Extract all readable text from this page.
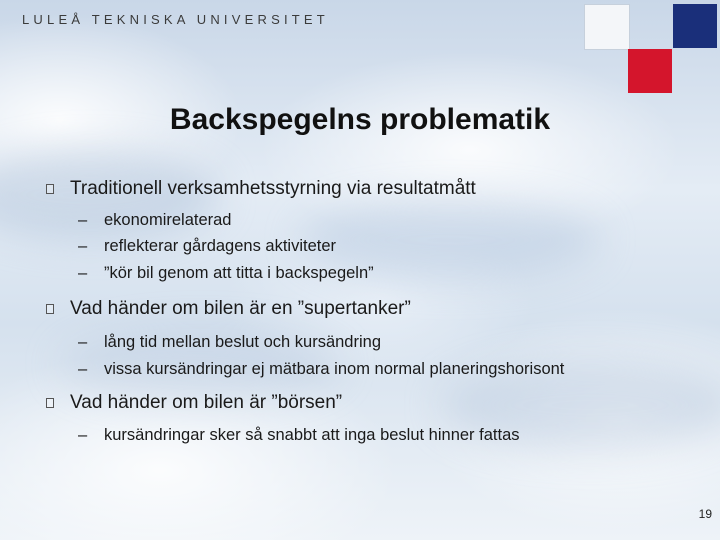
LULEÅ TEKNISKA UNIVERSITET
Backspegelns problematik
Traditionell verksamhetsstyrning via resultatmått
– ekonomirelaterad
– reflekterar gårdagens aktiviteter
– ”kör bil genom att titta i backspegeln”
Vad händer om bilen är en ”supertanker”
– lång tid mellan beslut och kursändring
– vissa kursändringar ej mätbara inom normal planeringshorisont
Vad händer om bilen är ”börsen”
– kursändringar sker så snabbt att inga beslut hinner fattas
19
